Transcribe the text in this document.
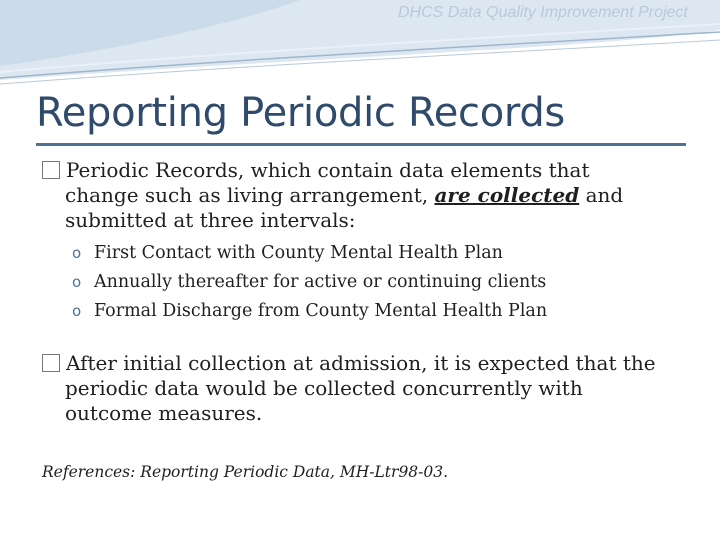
DHCS Data Quality Improvement Project
Reporting Periodic Records
Periodic Records, which contain data elements that
change such as living arrangement, are collected and
submitted at three intervals:
o First Contact with County Mental Health Plan
o Annually thereafter for active or continuing clients
o Formal Discharge from County Mental Health Plan
After initial collection at admission, it is expected that the
periodic data would be collected concurrently with
outcome measures.
References: Reporting Periodic Data, MH-Ltr98-03.
